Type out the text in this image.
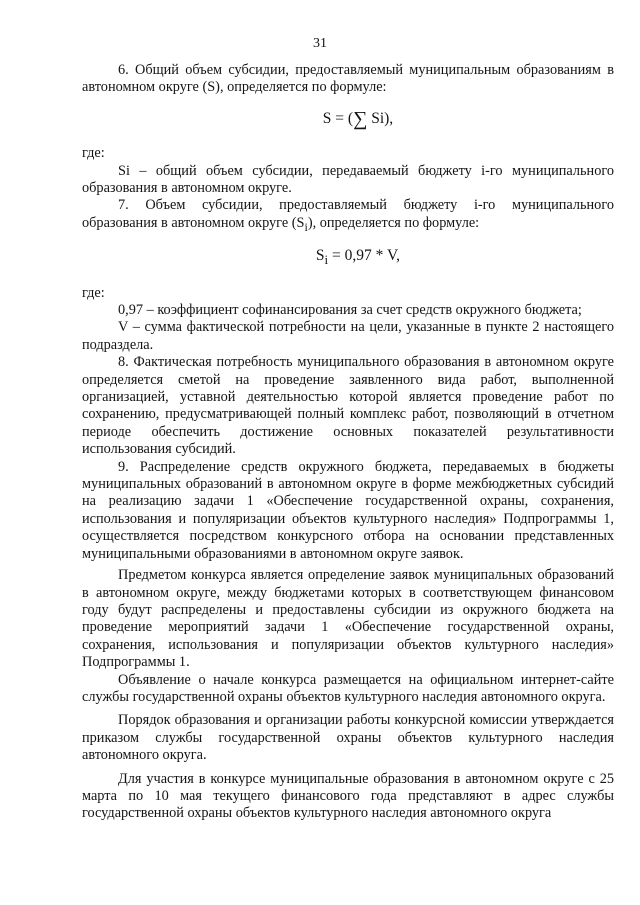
31

6. Общий объем субсидии, предоставляемый муниципальным образованиям в автономном округе (S), определяется по формуле:

S = (∑ Si),

где:

Si – общий объем субсидии, передаваемый бюджету i-го муниципального образования в автономном округе.

7. Объем субсидии, предоставляемый бюджету i-го муниципального образования в автономном округе $(S_i)$, определяется по формуле:

$S_i = 0,97 * V$,

где:

0,97 – коэффициент софинансирования за счет средств окружного бюджета;

V – сумма фактической потребности на цели, указанные в пункте 2 настоящего подраздела.

8. Фактическая потребность муниципального образования в автономном округе определяется сметой на проведение заявленного вида работ, выполненной организацией, уставной деятельностью которой является проведение работ по сохранению, предусматривающей полный комплекс работ, позволяющий в отчетном периоде обеспечить достижение основных показателей результативности использования субсидий.

9. Распределение средств окружного бюджета, передаваемых в бюджеты муниципальных образований в автономном округе в форме межбюджетных субсидий на реализацию задачи 1 «Обеспечение государственной охраны, сохранения, использования и популяризации объектов культурного наследия» Подпрограммы 1, осуществляется посредством конкурсного отбора на основании представленных муниципальными образованиями в автономном округе заявок.

Предметом конкурса является определение заявок муниципальных образований в автономном округе, между бюджетами которых в соответствующем финансовом году будут распределены и предоставлены субсидии из окружного бюджета на проведение мероприятий задачи 1 «Обеспечение государственной охраны, сохранения, использования и популяризации объектов культурного наследия» Подпрограммы 1.

Объявление о начале конкурса размещается на официальном интернет-сайте службы государственной охраны объектов культурного наследия автономного округа.

Порядок образования и организации работы конкурсной комиссии утверждается приказом службы государственной охраны объектов культурного наследия автономного округа.

Для участия в конкурсе муниципальные образования в автономном округе с 25 марта по 10 мая текущего финансового года представляют в адрес службы государственной охраны объектов культурного наследия автономного округа
